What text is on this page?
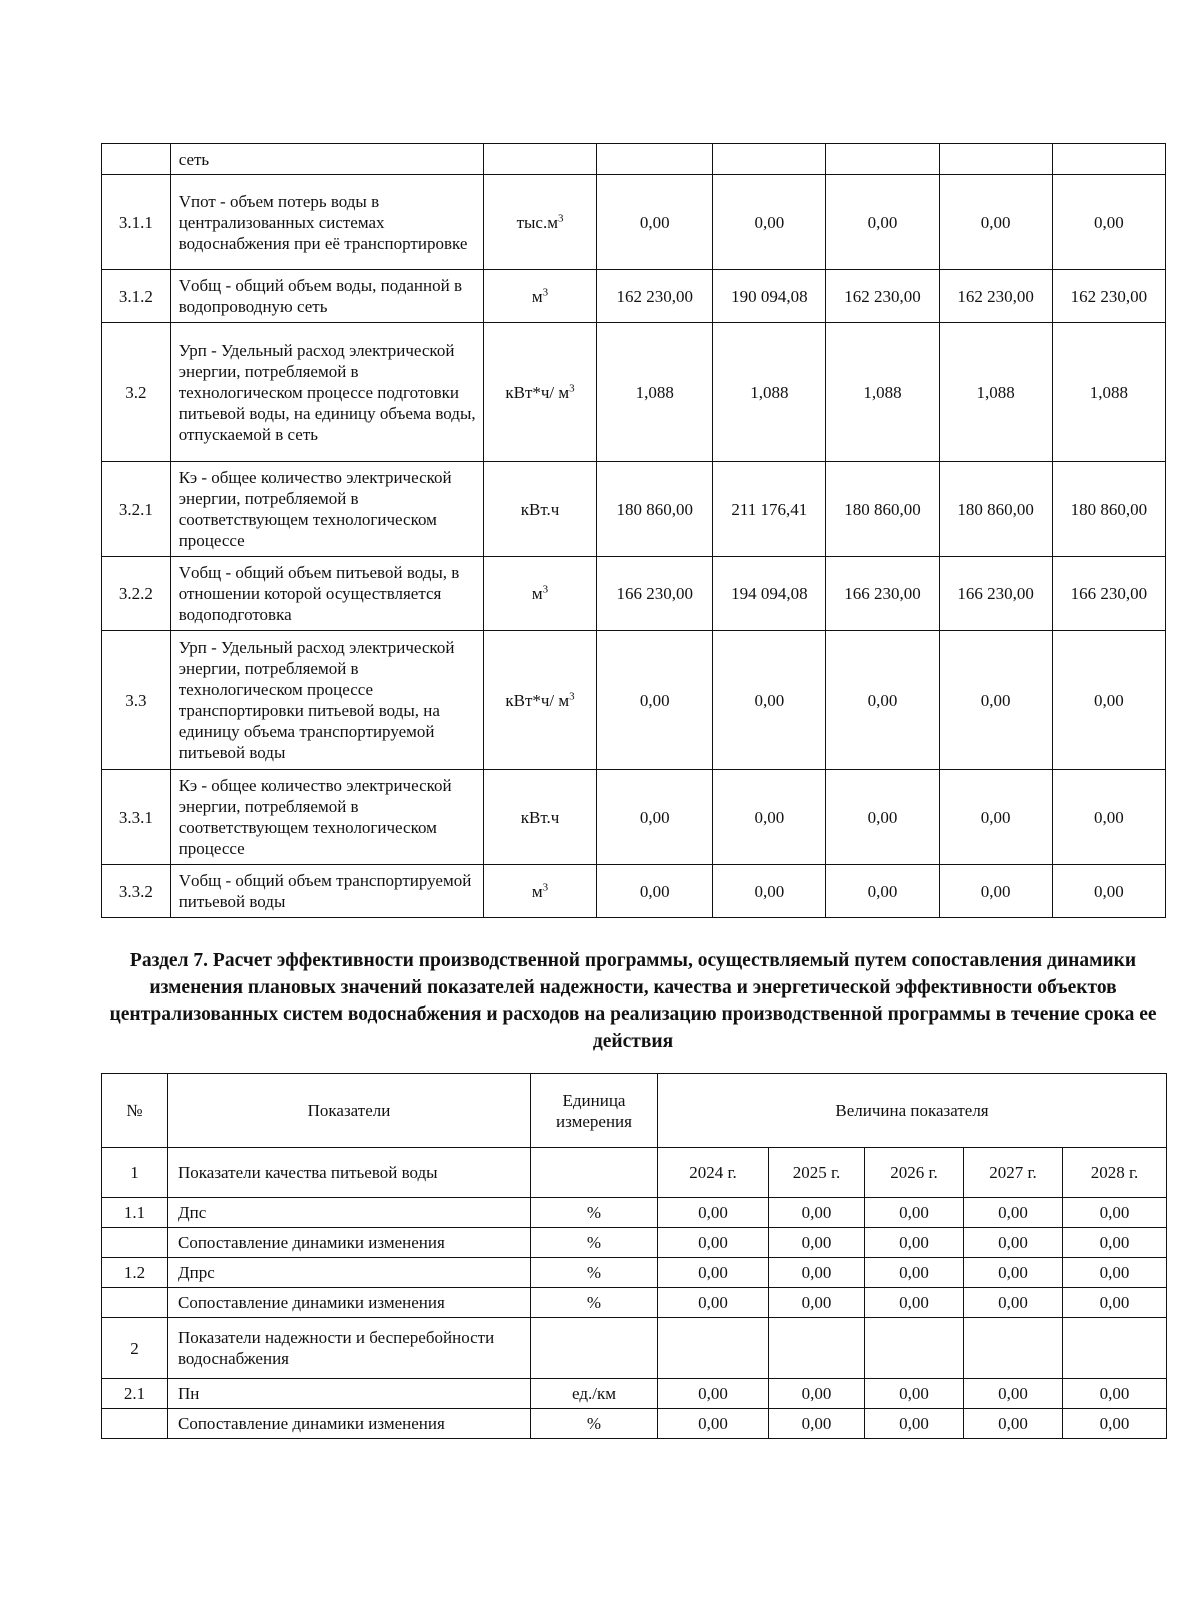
	сеть						
3.1.1	Vпот - объем потерь воды в централизованных системах водоснабжения при её транспортировке	$тыс.м^3$	0,00	0,00	0,00	0,00	0,00
3.1.2	Vобщ - общий объем воды, поданной в водопроводную сеть	$м^3$	162 230,00	190 094,08	162 230,00	162 230,00	162 230,00
3.2	Урп - Удельный расход электрической энергии, потребляемой в технологическом процессе подготовки питьевой воды, на единицу объема воды, отпускаемой в сеть	кВт*ч/ $м^3$	1,088	1,088	1,088	1,088	1,088
3.2.1	Кэ - общее количество электрической энергии, потребляемой в соответствующем технологическом процессе	кВт.ч	180 860,00	211 176,41	180 860,00	180 860,00	180 860,00
3.2.2	Vобщ - общий объем питьевой воды, в отношении которой осуществляется водоподготовка	$м^3$	166 230,00	194 094,08	166 230,00	166 230,00	166 230,00
3.3	Урп - Удельный расход электрической энергии, потребляемой в технологическом процессе транспортировки питьевой воды, на единицу объема транспортируемой питьевой воды	кВт*ч/ $м^3$	0,00	0,00	0,00	0,00	0,00
3.3.1	Кэ - общее количество электрической энергии, потребляемой в соответствующем технологическом процессе	кВт.ч	0,00	0,00	0,00	0,00	0,00
3.3.2	Vобщ - общий объем транспортируемой питьевой воды	$м^3$	0,00	0,00	0,00	0,00	0,00
Раздел 7. Расчет эффективности производственной программы, осуществляемый путем сопоставления динамики изменения плановых значений показателей надежности, качества и энергетической эффективности объектов централизованных систем водоснабжения и расходов на реализацию производственной программы в течение срока ее действия
№	Показатели	Единица измерения	Величина показателя				
1	Показатели качества питьевой воды		2024 г.	2025 г.	2026 г.	2027 г.	2028 г.
1.1	Дпс	%	0,00	0,00	0,00	0,00	0,00
	Сопоставление динамики изменения	%	0,00	0,00	0,00	0,00	0,00
1.2	Дпрс	%	0,00	0,00	0,00	0,00	0,00
	Сопоставление динамики изменения	%	0,00	0,00	0,00	0,00	0,00
2	Показатели надежности и бесперебойности водоснабжения						
2.1	Пн	ед./км	0,00	0,00	0,00	0,00	0,00
	Сопоставление динамики изменения	%	0,00	0,00	0,00	0,00	0,00
